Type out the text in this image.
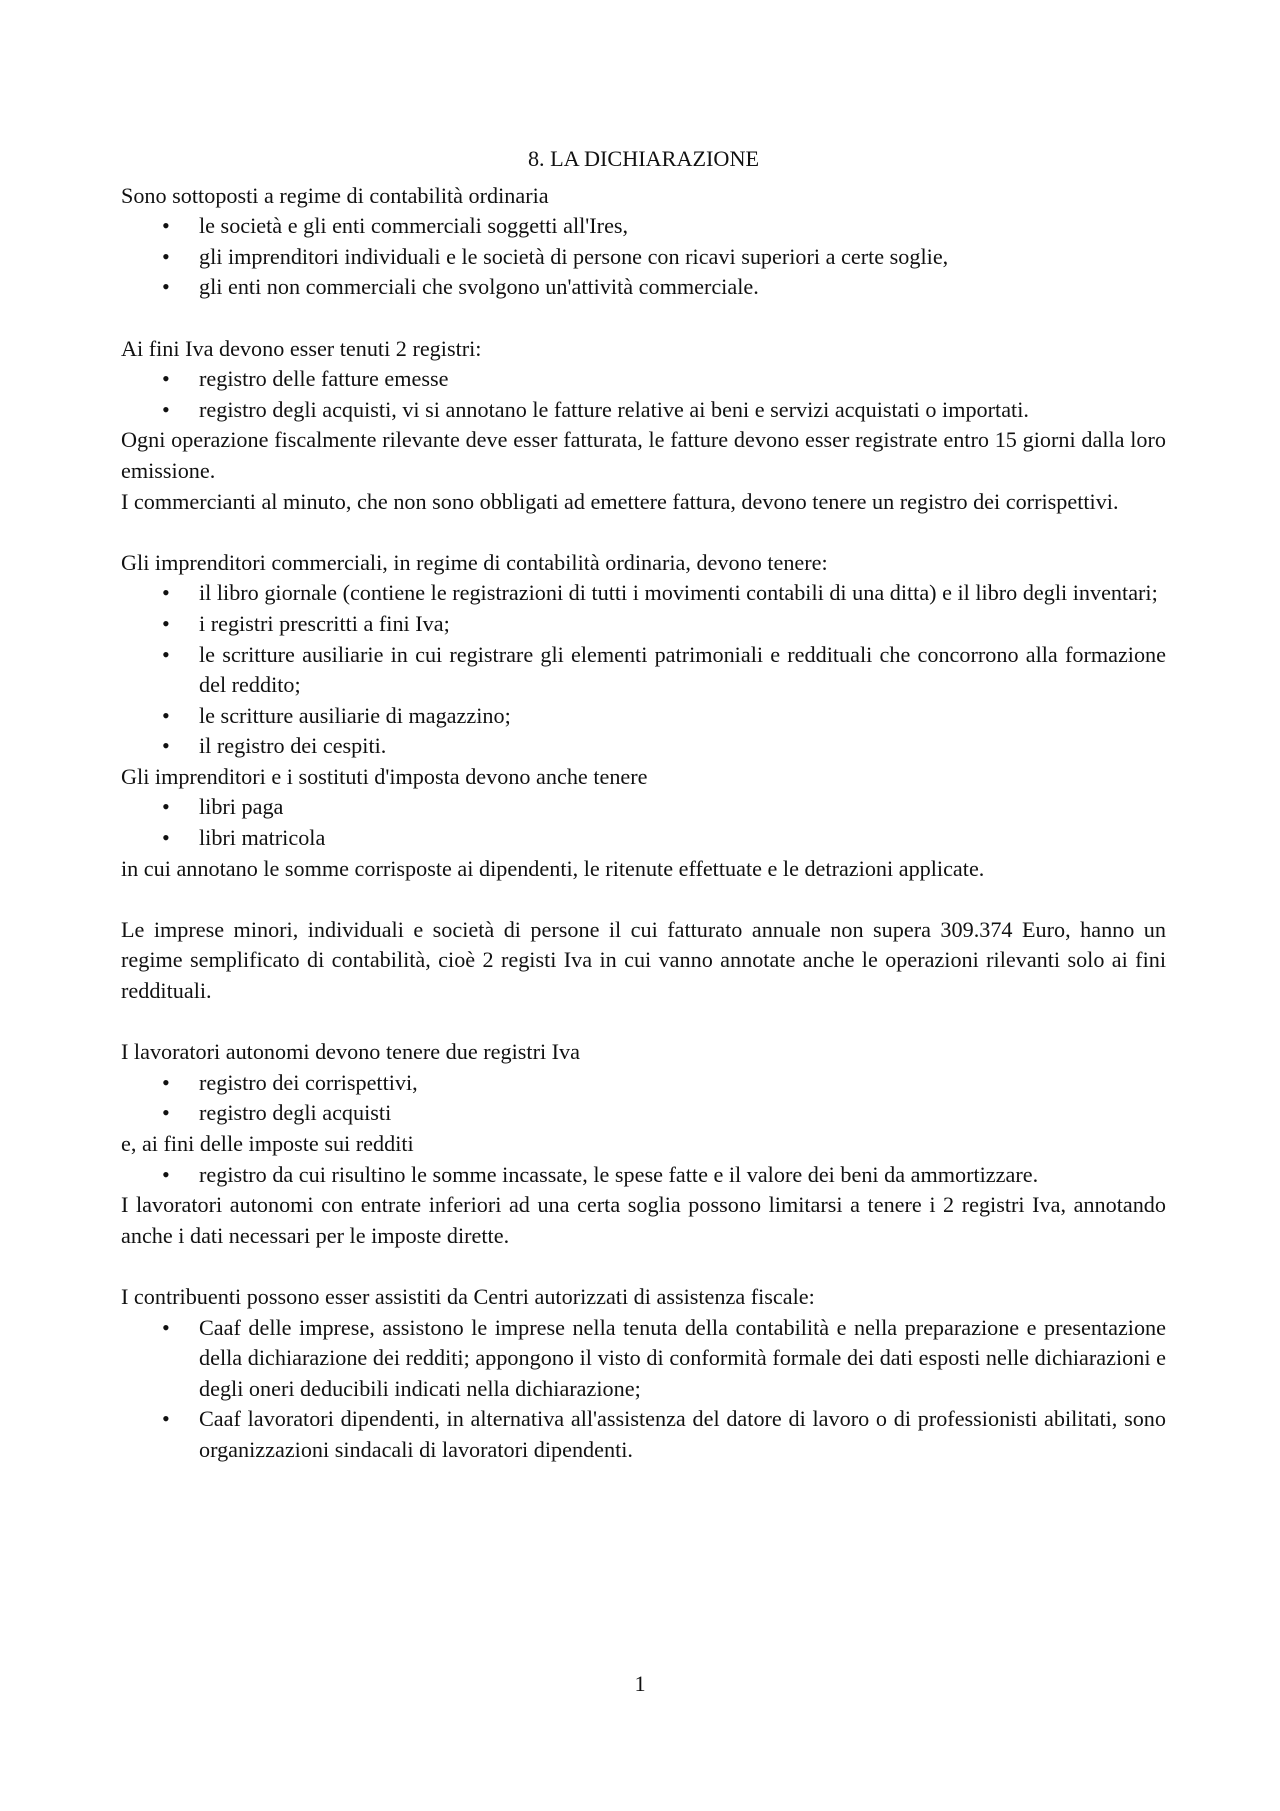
8. LA DICHIARAZIONE

Sono sottoposti a regime di contabilità ordinaria

• le società e gli enti commerciali soggetti all'Ires,
• gli imprenditori individuali e le società di persone con ricavi superiori a certe soglie,
• gli enti non commerciali che svolgono un'attività commerciale.

Ai fini Iva devono esser tenuti 2 registri:

• registro delle fatture emesse
• registro degli acquisti, vi si annotano le fatture relative ai beni e servizi acquistati o importati.

Ogni operazione fiscalmente rilevante deve esser fatturata, le fatture devono esser registrate entro 15 giorni dalla loro emissione.

I commercianti al minuto, che non sono obbligati ad emettere fattura, devono tenere un registro dei corrispettivi.

Gli imprenditori commerciali, in regime di contabilità ordinaria, devono tenere:

• il libro giornale (contiene le registrazioni di tutti i movimenti contabili di una ditta) e il libro degli inventari;
• i registri prescritti a fini Iva;
• le scritture ausiliarie in cui registrare gli elementi patrimoniali e reddituali che concorrono alla formazione del reddito;
• le scritture ausiliarie di magazzino;
• il registro dei cespiti.

Gli imprenditori e i sostituti d'imposta devono anche tenere

• libri paga
• libri matricola

in cui annotano le somme corrisposte ai dipendenti, le ritenute effettuate e le detrazioni applicate.

Le imprese minori, individuali e società di persone il cui fatturato annuale non supera 309.374 Euro, hanno un regime semplificato di contabilità, cioè 2 registi Iva in cui vanno annotate anche le operazioni rilevanti solo ai fini reddituali.

I lavoratori autonomi devono tenere due registri Iva

• registro dei corrispettivi,
• registro degli acquisti

e, ai fini delle imposte sui redditi

• registro da cui risultino le somme incassate, le spese fatte e il valore dei beni da ammortizzare.

I lavoratori autonomi con entrate inferiori ad una certa soglia possono limitarsi a tenere i 2 registri Iva, annotando anche i dati necessari per le imposte dirette.

I contribuenti possono esser assistiti da Centri autorizzati di assistenza fiscale:

• Caaf delle imprese, assistono le imprese nella tenuta della contabilità e nella preparazione e presentazione della dichiarazione dei redditi; appongono il visto di conformità formale dei dati esposti nelle dichiarazioni e degli oneri deducibili indicati nella dichiarazione;
• Caaf lavoratori dipendenti, in alternativa all'assistenza del datore di lavoro o di professionisti abilitati, sono organizzazioni sindacali di lavoratori dipendenti.
1
